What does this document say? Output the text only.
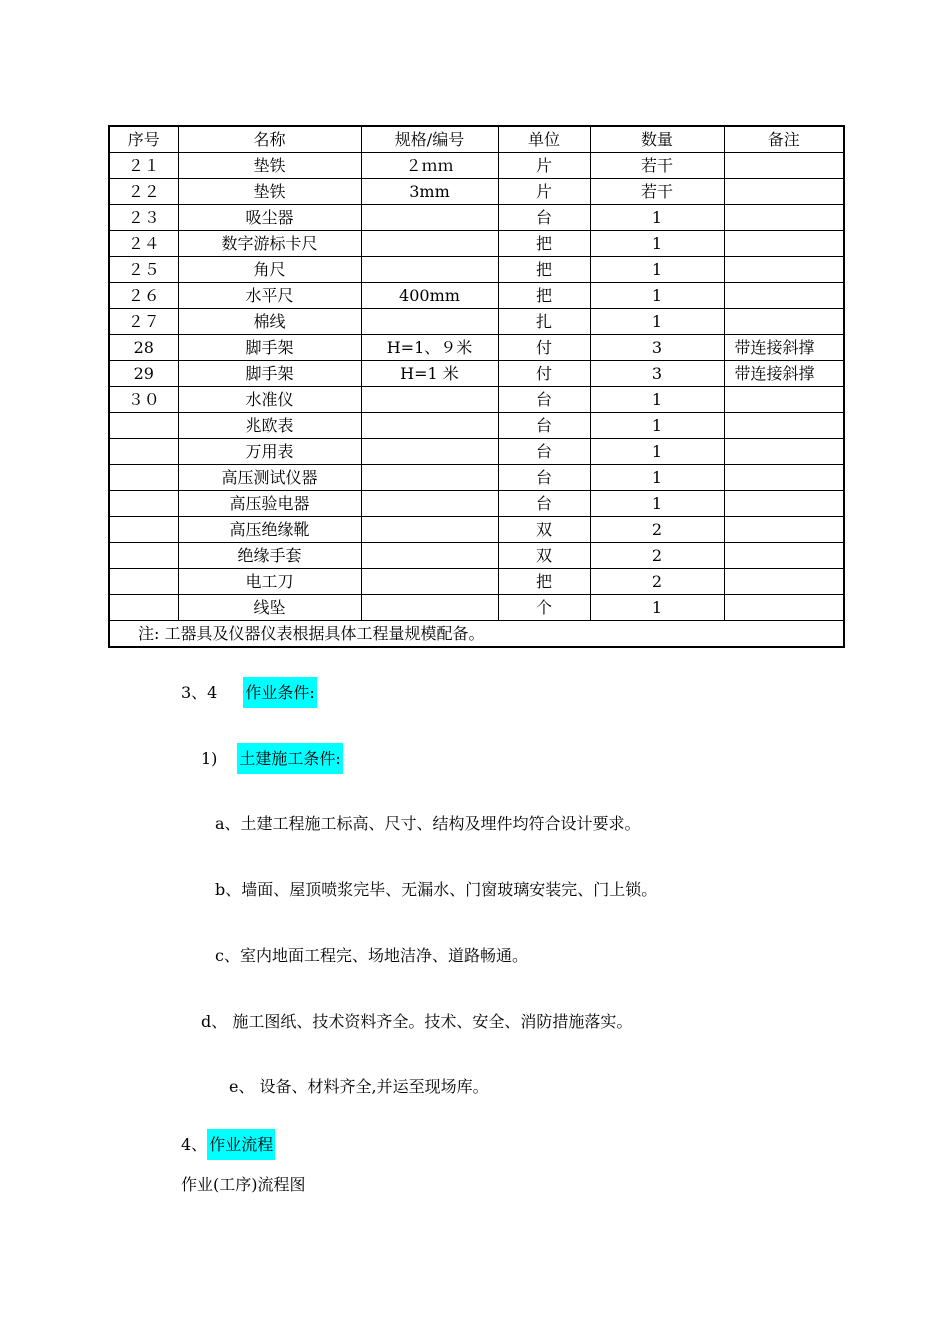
序号	名称	规格/编号	单位	数量	备注
２１	垫铁	２ｍｍ	片	若干	
２２	垫铁	3mm	片	若干	
２３	吸尘器		台	1	
２４	数字游标卡尺		把	1	
２５	角尺		把	1	
２６	水平尺	400mm	把	1	
２７	棉线		扎	1	
28	脚手架	H=1、９米	付	3	带连接斜撑
29	脚手架	H=1 米	付	3	带连接斜撑
３０	水准仪		台	1	
	兆欧表		台	1	
	万用表		台	1	
	高压测试仪器		台	1	
	高压验电器		台	1	
	高压绝缘靴		双	2	
	绝缘手套		双	2	
	电工刀		把	2	
	线坠		个	1	
注: 工器具及仪器仪表根据具体工程量规模配备。					
3、4 作业条件:
1) 土建施工条件:
a、土建工程施工标高、尺寸、结构及埋件均符合设计要求。
b、墙面、屋顶喷浆完毕、无漏水、门窗玻璃安装完、门上锁。
c、室内地面工程完、场地洁净、道路畅通。
d、 施工图纸、技术资料齐全。技术、安全、消防措施落实。
e、 设备、材料齐全,并运至现场库。
4、 作业流程
作业(工序)流程图
